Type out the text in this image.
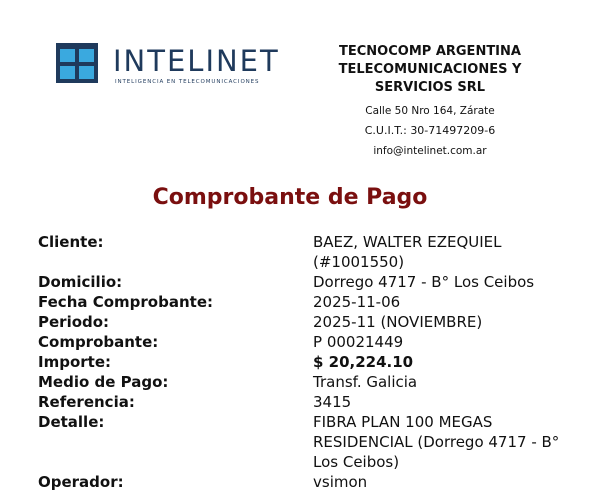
INTELINET
INTELIGENCIA EN TELECOMUNICACIONES
TECNOCOMP ARGENTINA TELECOMUNICACIONES Y SERVICIOS SRL
Calle 50 Nro 164, Zárate
C.U.I.T.: 30-71497209-6
info@intelinet.com.ar
Comprobante de Pago
Cliente:	BAEZ, WALTER EZEQUIEL (#1001550)
Domicilio:	Dorrego 4717 - B° Los Ceibos
Fecha Comprobante:	2025-11-06
Periodo:	2025-11 (NOVIEMBRE)
Comprobante:	P 00021449
Importe:	$ 20,224.10
Medio de Pago:	Transf. Galicia
Referencia:	3415
Detalle:	FIBRA PLAN 100 MEGAS RESIDENCIAL (Dorrego 4717 - B° Los Ceibos)
Operador:	vsimon
